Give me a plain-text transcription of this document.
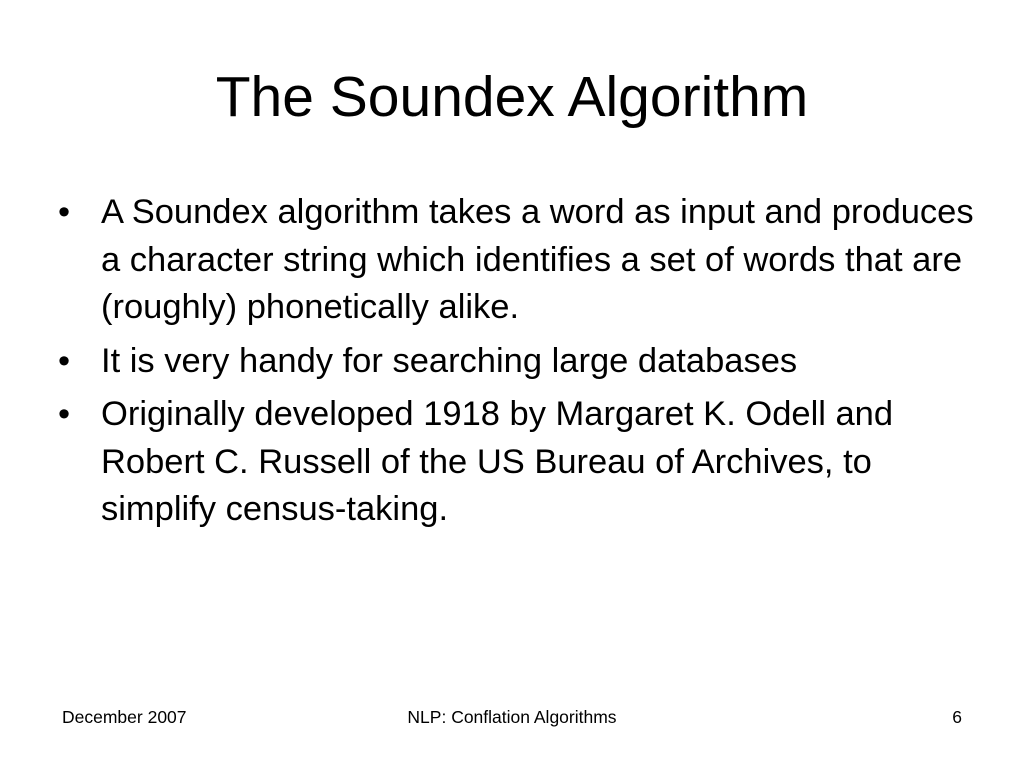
The Soundex Algorithm
• A Soundex algorithm takes a word as input and produces a character string which identifies a set of words that are (roughly) phonetically alike.
• It is very handy for searching large databases
• Originally developed 1918 by Margaret K. Odell and Robert C. Russell of the US Bureau of Archives, to simplify census-taking.
December 2007	NLP: Conflation Algorithms	6
